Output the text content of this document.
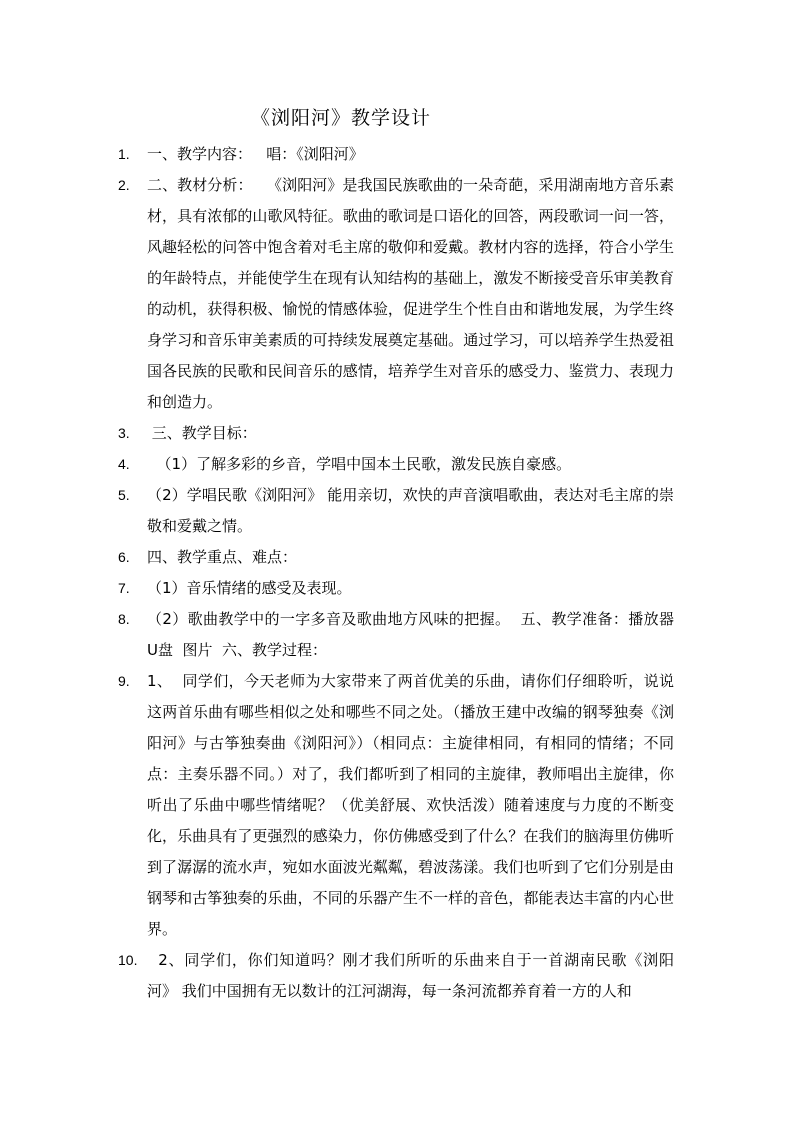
《浏阳河》教学设计
1.	一、教学内容：   唱：《浏阳河》
2.	二、教材分析：   《浏阳河》是我国民族歌曲的一朵奇葩，采用湖南地方音乐素材，具有浓郁的山歌风特征。歌曲的歌词是口语化的回答，两段歌词一问一答，风趣轻松的问答中饱含着对毛主席的敬仰和爱戴。教材内容的选择，符合小学生的年龄特点，并能使学生在现有认知结构的基础上，激发不断接受音乐审美教育的动机，获得积极、愉悦的情感体验，促进学生个性自由和谐地发展，为学生终身学习和音乐审美素质的可持续发展奠定基础。通过学习，可以培养学生热爱祖国各民族的民歌和民间音乐的感情，培养学生对音乐的感受力、鉴赏力、表现力和创造力。
3.	三、教学目标：
4.	（1）了解多彩的乡音，学唱中国本土民歌，激发民族自豪感。
5.	（2）学唱民歌《浏阳河》 能用亲切，欢快的声音演唱歌曲，表达对毛主席的崇敬和爱戴之情。
6.	四、教学重点、难点：
7.	（1）音乐情绪的感受及表现。
8.	（2）歌曲教学中的一字多音及歌曲地方风味的把握。  五、教学准备：播放器 U盘  图片  六、教学过程：
9.	1、  同学们，今天老师为大家带来了两首优美的乐曲，请你们仔细聆听，说说这两首乐曲有哪些相似之处和哪些不同之处。（播放王建中改编的钢琴独奏《浏阳河》与古筝独奏曲《浏阳河》）（相同点：主旋律相同，有相同的情绪；不同点：主奏乐器不同。）对了，我们都听到了相同的主旋律，教师唱出主旋律，你听出了乐曲中哪些情绪呢？（优美舒展、欢快活泼）随着速度与力度的不断变化，乐曲具有了更强烈的感染力，你仿佛感受到了什么？在我们的脑海里仿佛听到了潺潺的流水声，宛如水面波光粼粼，碧波荡漾。我们也听到了它们分别是由钢琴和古筝独奏的乐曲，不同的乐器产生不一样的音色，都能表达丰富的内心世界。
10. 2、同学们，你们知道吗？刚才我们所听的乐曲来自于一首湖南民歌《浏阳河》 我们中国拥有无以数计的江河湖海，每一条河流都养育着一方的人和
